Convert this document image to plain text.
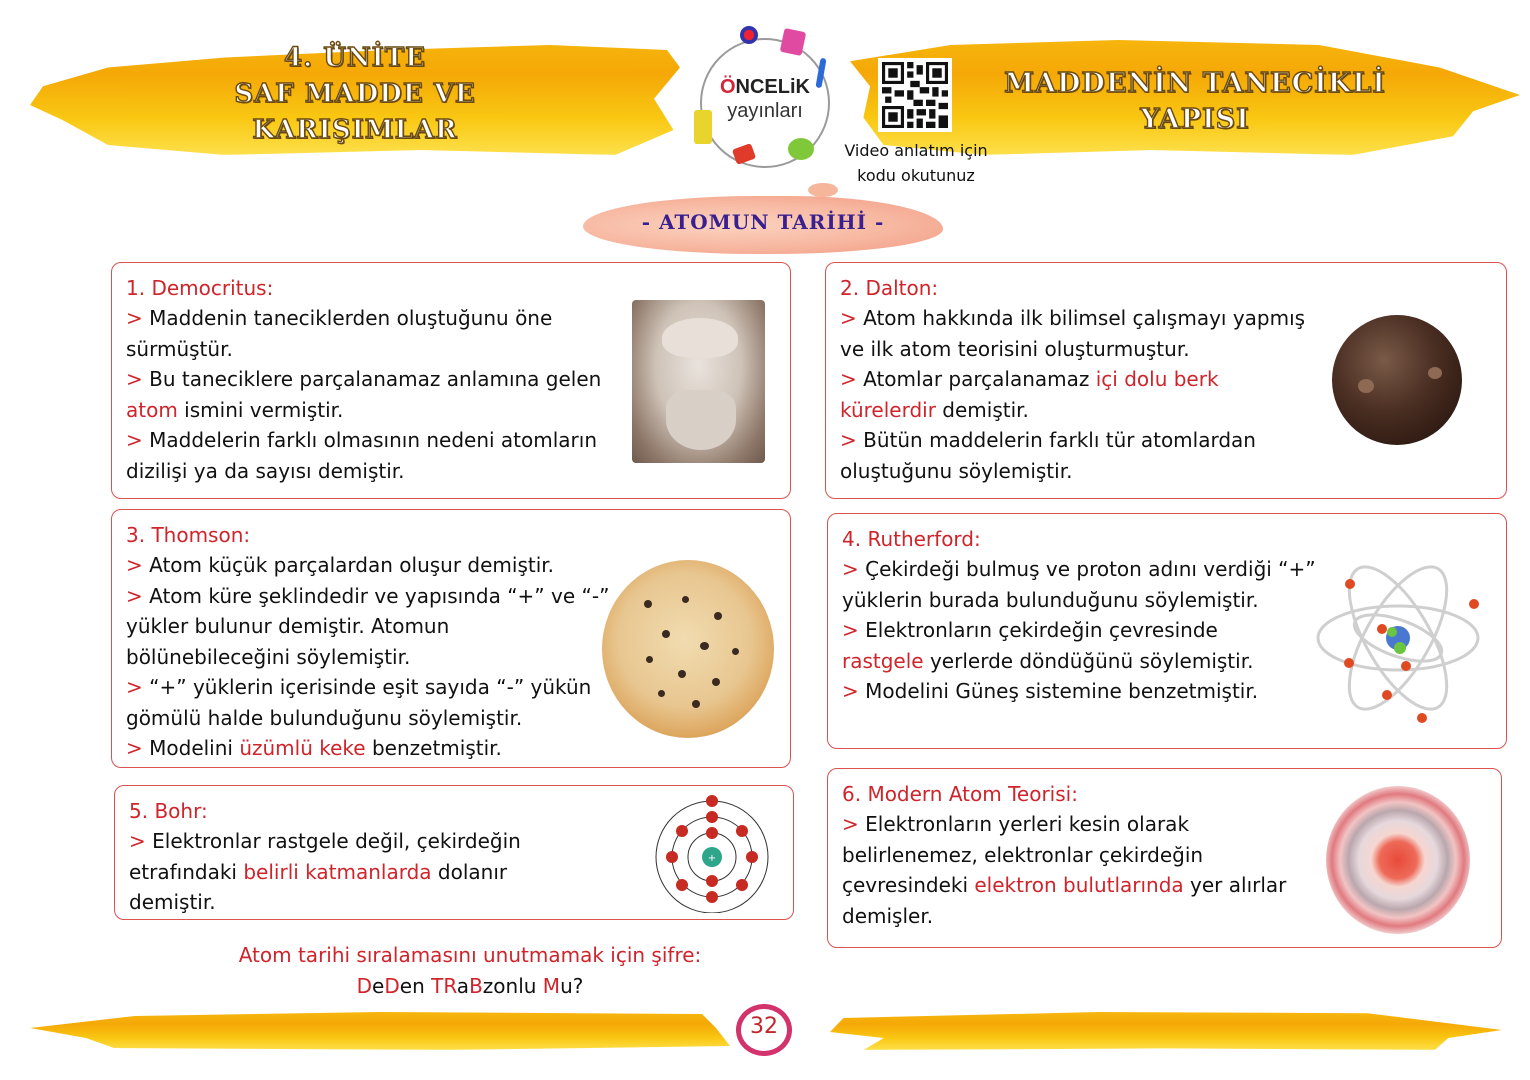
4. ÜNİTE
SAF MADDE VE
KARIŞIMLAR
MADDENİN TANECİKLİ
YAPISI
ÖNCELiK
yayınları
Video anlatım için
kodu okutunuz
- ATOMUN TARİHİ -
1. Democritus:
> Maddenin taneciklerden oluştuğunu öne
sürmüştür.
> Bu taneciklere parçalanamaz anlamına gelen
atom ismini vermiştir.
> Maddelerin farklı olmasının nedeni atomların
dizilişi ya da sayısı demiştir.
2. Dalton:
> Atom hakkında ilk bilimsel çalışmayı yapmış
ve ilk atom teorisini oluşturmuştur.
> Atomlar parçalanamaz içi dolu berk
kürelerdir demiştir.
> Bütün maddelerin farklı tür atomlardan
oluştuğunu söylemiştir.
3. Thomson:
> Atom küçük parçalardan oluşur demiştir.
> Atom küre şeklindedir ve yapısında “+” ve “-”
yükler bulunur demiştir. Atomun
bölünebileceğini söylemiştir.
> “+” yüklerin içerisinde eşit sayıda “-” yükün
gömülü halde bulunduğunu söylemiştir.
> Modelini üzümlü keke benzetmiştir.
4. Rutherford:
> Çekirdeği bulmuş ve proton adını verdiği “+”
yüklerin burada bulunduğunu söylemiştir.
> Elektronların çekirdeğin çevresinde
rastgele yerlerde döndüğünü söylemiştir.
> Modelini Güneş sistemine benzetmiştir.
5. Bohr:
> Elektronlar rastgele değil, çekirdeğin
etrafındaki belirli katmanlarda dolanır
demiştir.
6. Modern Atom Teorisi:
> Elektronların yerleri kesin olarak
belirlenemez, elektronlar çekirdeğin
çevresindeki elektron bulutlarında yer alırlar
demişler.
+
Atom tarihi sıralamasını unutmamak için şifre:
DeDen TRaBzonlu Mu?
32
